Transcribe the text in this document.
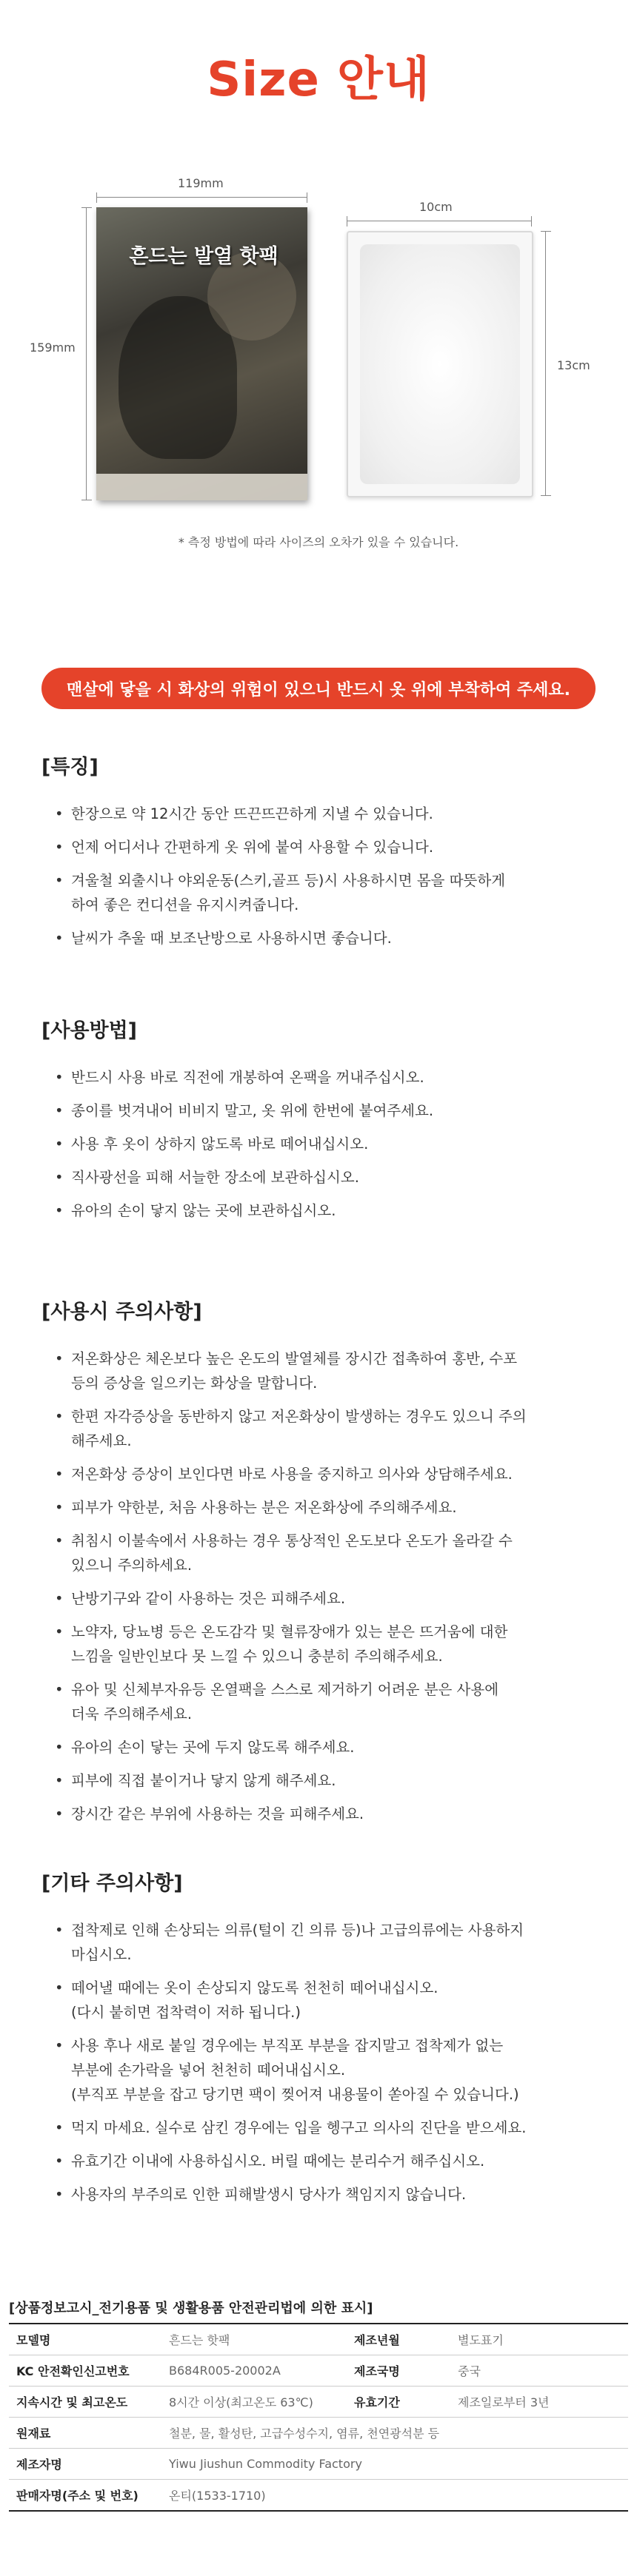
Size 안내
119mm
159mm
흔드는 발열 핫팩
10cm
13cm
* 측정 방법에 따라 사이즈의 오차가 있을 수 있습니다.
맨살에 닿을 시 화상의 위험이 있으니 반드시 옷 위에 부착하여 주세요.
[특징]
• 한장으로 약 12시간 동안 뜨끈뜨끈하게 지낼 수 있습니다.
• 언제 어디서나 간편하게 옷 위에 붙여 사용할 수 있습니다.
• 겨울철 외출시나 야외운동(스키,골프 등)시 사용하시면 몸을 따뜻하게
하여 좋은 컨디션을 유지시켜줍니다.
• 날씨가 추울 때 보조난방으로 사용하시면 좋습니다.
[사용방법]
• 반드시 사용 바로 직전에 개봉하여 온팩을 꺼내주십시오.
• 종이를 벗겨내어 비비지 말고, 옷 위에 한번에 붙여주세요.
• 사용 후 옷이 상하지 않도록 바로 떼어내십시오.
• 직사광선을 피해 서늘한 장소에 보관하십시오.
• 유아의 손이 닿지 않는 곳에 보관하십시오.
[사용시 주의사항]
• 저온화상은 체온보다 높은 온도의 발열체를 장시간 접촉하여 홍반, 수포
등의 증상을 일으키는 화상을 말합니다.
• 한편 자각증상을 동반하지 않고 저온화상이 발생하는 경우도 있으니 주의
해주세요.
• 저온화상 증상이 보인다면 바로 사용을 중지하고 의사와 상담해주세요.
• 피부가 약한분, 처음 사용하는 분은 저온화상에 주의해주세요.
• 취침시 이불속에서 사용하는 경우 통상적인 온도보다 온도가 올라갈 수
있으니 주의하세요.
• 난방기구와 같이 사용하는 것은 피해주세요.
• 노약자, 당뇨병 등은 온도감각 및 혈류장애가 있는 분은 뜨거움에 대한
느낌을 일반인보다 못 느낄 수 있으니 충분히 주의해주세요.
• 유아 및 신체부자유등 온열팩을 스스로 제거하기 어려운 분은 사용에
더욱 주의해주세요.
• 유아의 손이 닿는 곳에 두지 않도록 해주세요.
• 피부에 직접 붙이거나 닿지 않게 해주세요.
• 장시간 같은 부위에 사용하는 것을 피해주세요.
[기타 주의사항]
• 접착제로 인해 손상되는 의류(털이 긴 의류 등)나 고급의류에는 사용하지
마십시오.
• 떼어낼 때에는 옷이 손상되지 않도록 천천히 떼어내십시오.
(다시 붙히면 접착력이 저하 됩니다.)
• 사용 후나 새로 붙일 경우에는 부직포 부분을 잡지말고 접착제가 없는
부분에 손가락을 넣어 천천히 떼어내십시오.
(부직포 부분을 잡고 당기면 팩이 찢어져 내용물이 쏟아질 수 있습니다.)
• 먹지 마세요. 실수로 삼킨 경우에는 입을 헹구고 의사의 진단을 받으세요.
• 유효기간 이내에 사용하십시오. 버릴 때에는 분리수거 해주십시오.
• 사용자의 부주의로 인한 피해발생시 당사가 책임지지 않습니다.
[상품정보고시_전기용품 및 생활용품 안전관리법에 의한 표시]
모델명	흔드는 핫팩	제조년월	별도표기
KC 안전확인신고번호	B684R005-20002A	제조국명	중국
지속시간 및 최고온도	8시간 이상(최고온도 63℃)	유효기간	제조일로부터 3년
원재료	철분, 물, 활성탄, 고급수성수지, 염류, 천연광석분 등		
제조자명	Yiwu Jiushun Commodity Factory		
판매자명(주소 및 번호)	온티(1533-1710)		
